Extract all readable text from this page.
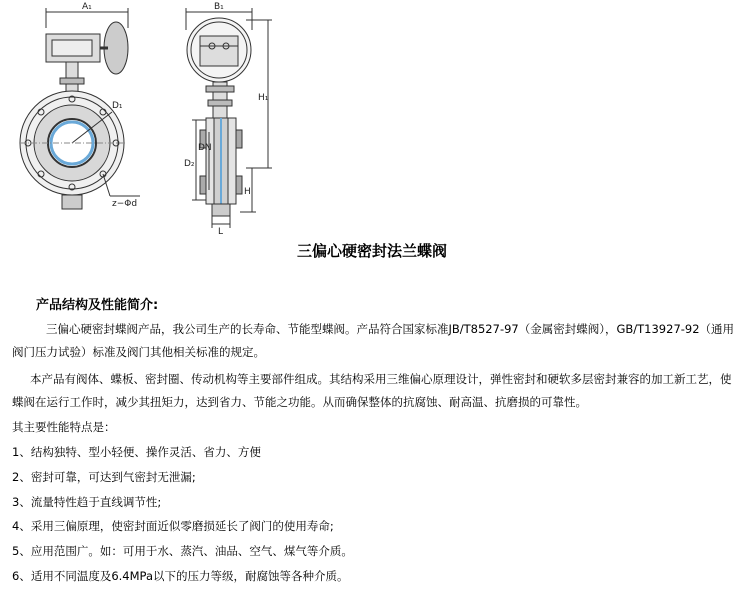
A₁	B₁
D₁
z−Φd
D₂
DN
H₁
H
L
三偏心硬密封法兰蝶阀
产品结构及性能简介:
三偏心硬密封蝶阀产品，我公司生产的长寿命、节能型蝶阀。产品符合国家标准JB/T8527-97（金属密封蝶阀），GB/T13927-92（通用阀门压力试验）标准及阀门其他相关标准的规定。
本产品有阀体、蝶板、密封圈、传动机构等主要部件组成。其结构采用三维偏心原理设计，弹性密封和硬软多层密封兼容的加工新工艺，使蝶阀在运行工作时，减少其扭矩力，达到省力、节能之功能。从而确保整体的抗腐蚀、耐高温、抗磨损的可靠性。
其主要性能特点是：
1、结构独特、型小轻便、操作灵活、省力、方便
2、密封可靠，可达到气密封无泄漏;
3、流量特性趋于直线调节性;
4、采用三偏原理，使密封面近似零磨损延长了阀门的使用寿命;
5、应用范围广。如：可用于水、蒸汽、油品、空气、煤气等介质。
6、适用不同温度及6.4MPa以下的压力等级，耐腐蚀等各种介质。
